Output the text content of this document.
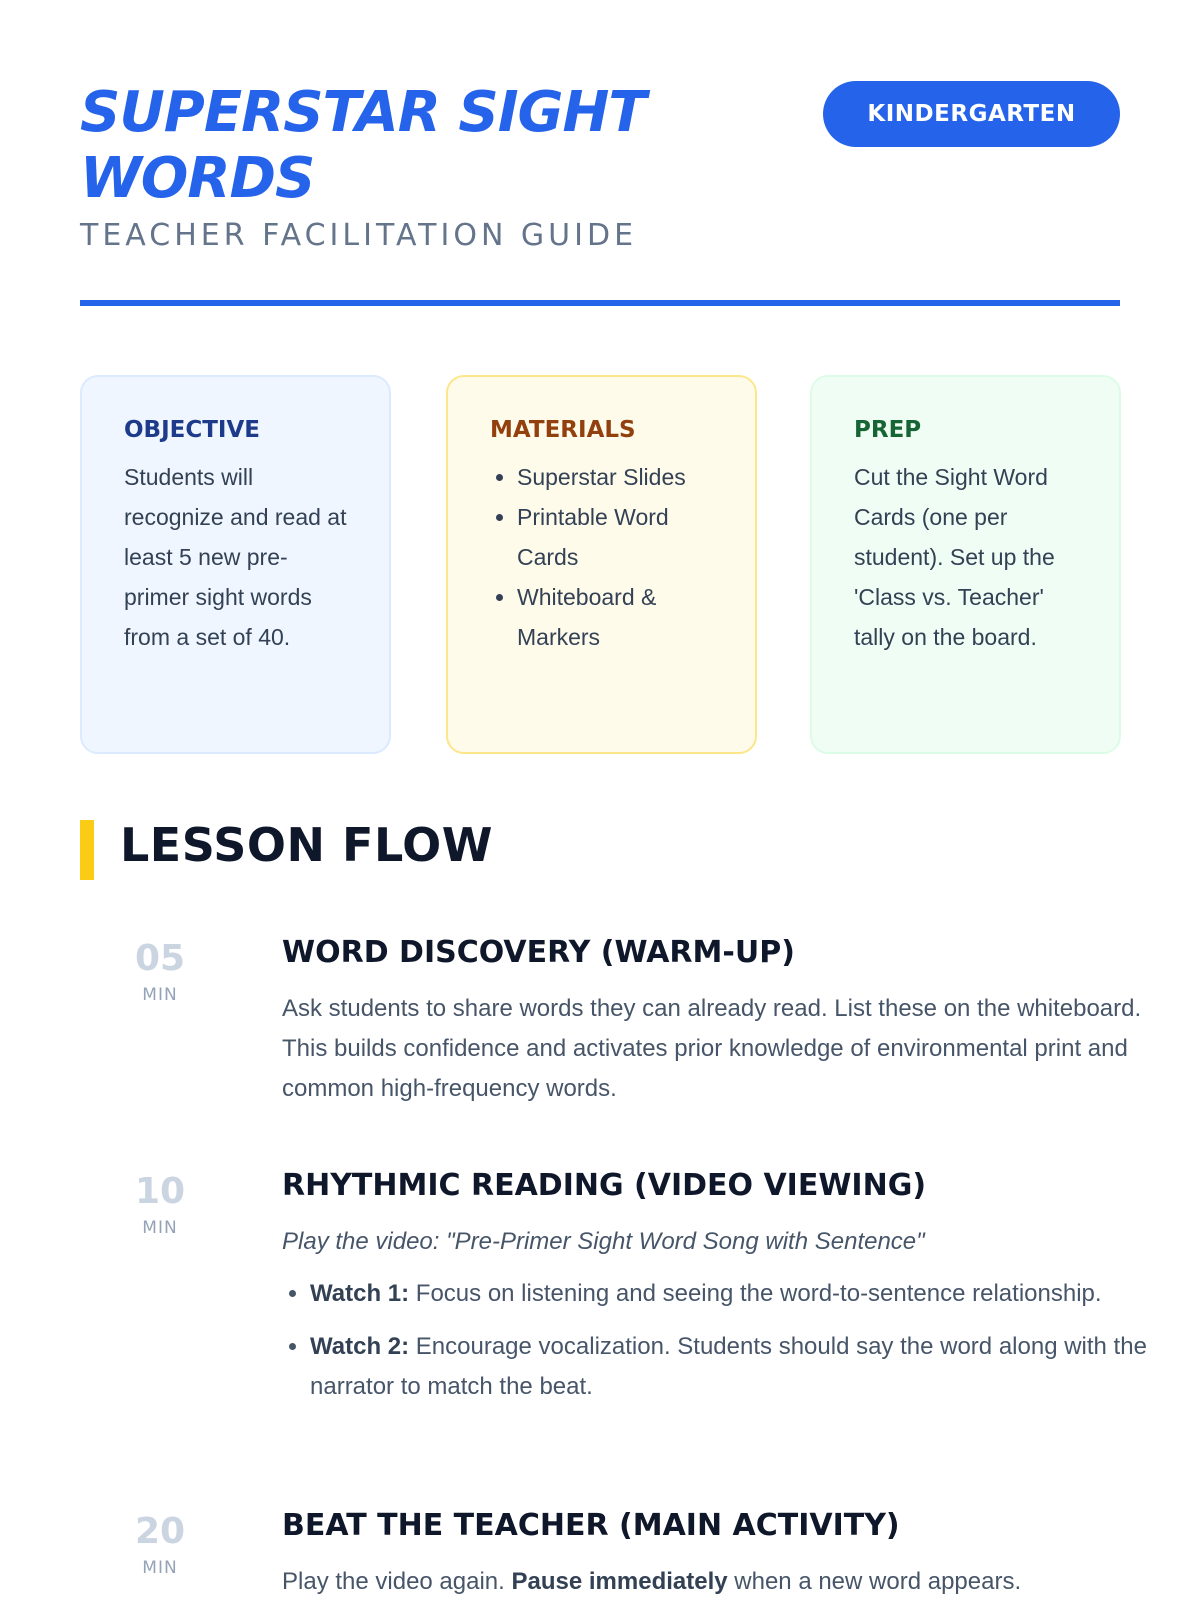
SUPERSTAR SIGHT WORDS
TEACHER FACILITATION GUIDE
KINDERGARTEN
OBJECTIVE
Students will recognize and read at least 5 new pre-primer sight words from a set of 40.
MATERIALS
• Superstar Slides
• Printable Word Cards
• Whiteboard & Markers
PREP
Cut the Sight Word Cards (one per student). Set up the 'Class vs. Teacher' tally on the board.
LESSON FLOW
05
MIN
WORD DISCOVERY (WARM-UP)
Ask students to share words they can already read. List these on the whiteboard. This builds confidence and activates prior knowledge of environmental print and common high-frequency words.
10
MIN
RHYTHMIC READING (VIDEO VIEWING)
Play the video: "Pre-Primer Sight Word Song with Sentence"
• Watch 1: Focus on listening and seeing the word-to-sentence relationship.
• Watch 2: Encourage vocalization. Students should say the word along with the narrator to match the beat.
20
MIN
BEAT THE TEACHER (MAIN ACTIVITY)
Play the video again. Pause immediately when a new word appears.
